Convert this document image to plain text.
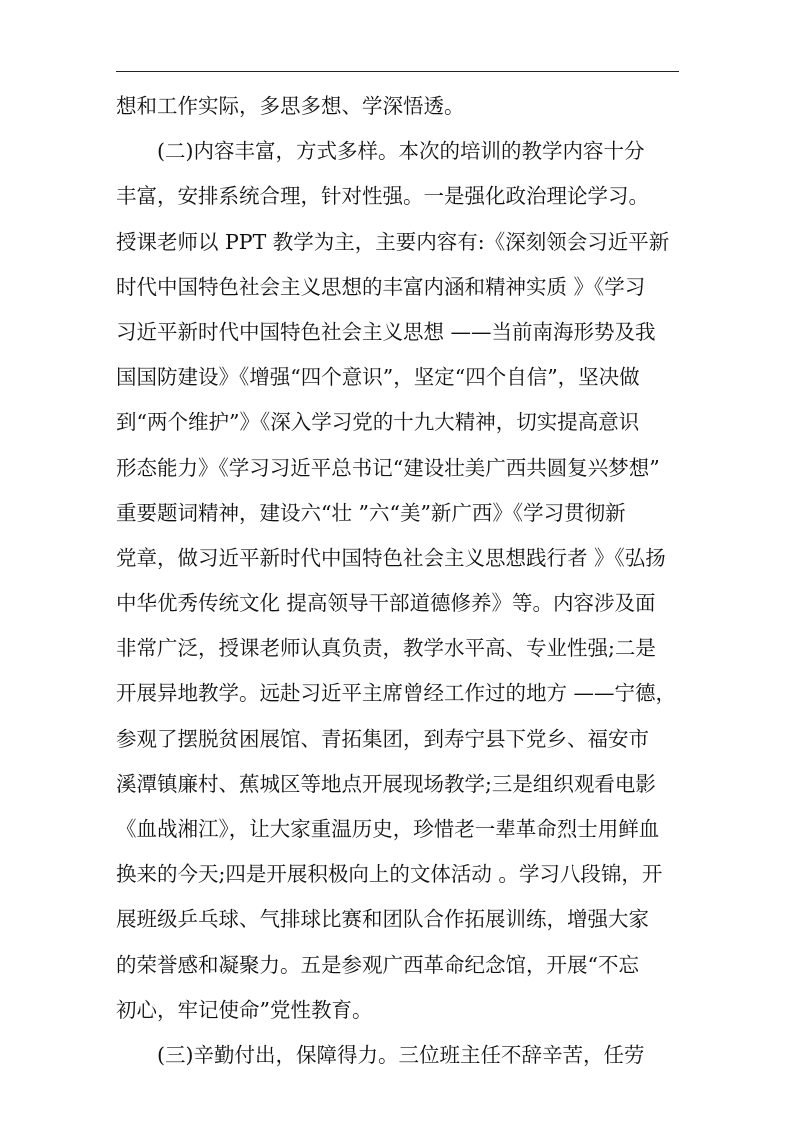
想和工作实际，多思多想、学深悟透。
(二)内容丰富，方式多样。本次的培训的教学内容十分
丰富，安排系统合理，针对性强。一是强化政治理论学习。
授课老师以 PPT 教学为主，主要内容有:《深刻领会习近平新
时代中国特色社会主义思想的丰富内涵和精神实质 》《学习
习近平新时代中国特色社会主义思想 ——当前南海形势及我
国国防建设》《增强“四个意识”，坚定“四个自信”，坚决做
到“两个维护”》《深入学习党的十九大精神，切实提高意识
形态能力》《学习习近平总书记“建设壮美广西共圆复兴梦想”
重要题词精神，建设六“壮 ”六“美”新广西》《学习贯彻新
党章，做习近平新时代中国特色社会主义思想践行者 》《弘扬
中华优秀传统文化 提高领导干部道德修养》等。内容涉及面
非常广泛，授课老师认真负责，教学水平高、专业性强;二是
开展异地教学。远赴习近平主席曾经工作过的地方 ——宁德，
参观了摆脱贫困展馆、青拓集团，到寿宁县下党乡、福安市
溪潭镇廉村、蕉城区等地点开展现场教学;三是组织观看电影
《血战湘江》，让大家重温历史，珍惜老一辈革命烈士用鲜血
换来的今天;四是开展积极向上的文体活动 。学习八段锦，开
展班级乒乓球、气排球比赛和团队合作拓展训练，增强大家
的荣誉感和凝聚力。五是参观广西革命纪念馆，开展“不忘
初心，牢记使命”党性教育。
(三)辛勤付出，保障得力。三位班主任不辞辛苦，任劳
